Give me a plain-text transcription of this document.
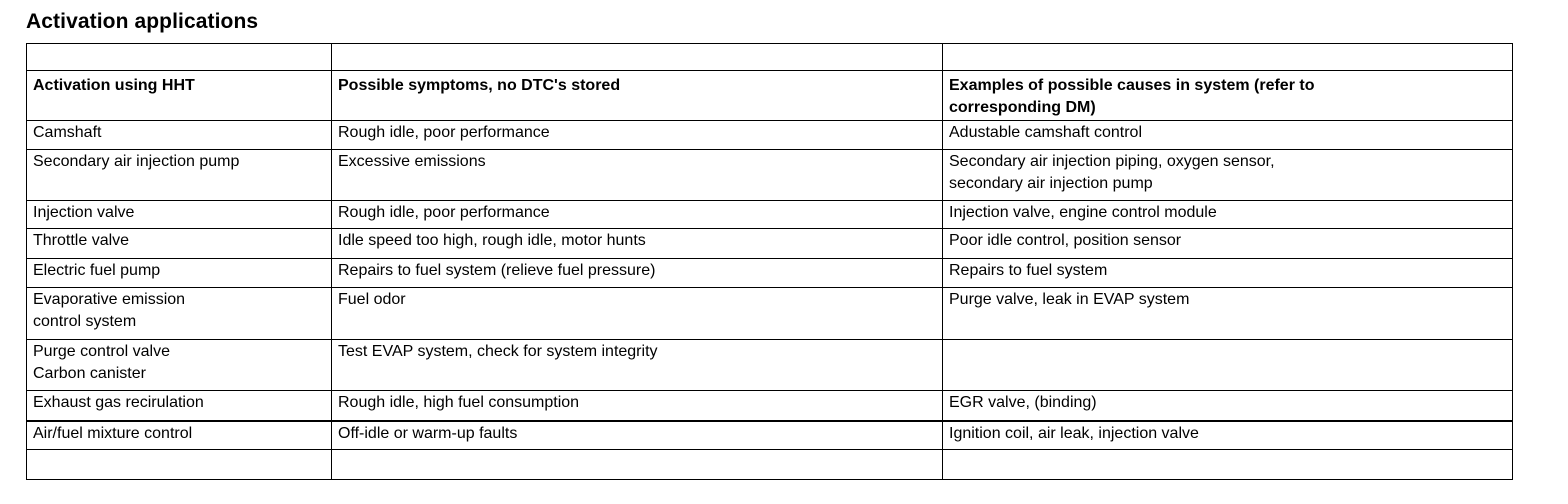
Activation applications

Activation using HHT	Possible symptoms, no DTC's stored	Examples of possible causes in system (refer to
corresponding DM)
Camshaft	Rough idle, poor performance	Adustable camshaft control
Secondary air injection pump	Excessive emissions	Secondary air injection piping, oxygen sensor,
secondary air injection pump
Injection valve	Rough idle, poor performance	Injection valve, engine control module
Throttle valve	Idle speed too high, rough idle, motor hunts	Poor idle control, position sensor
Electric fuel pump	Repairs to fuel system (relieve fuel pressure)	Repairs to fuel system
Evaporative emission
control system	Fuel odor	Purge valve, leak in EVAP system
Purge control valve
Carbon canister	Test EVAP system, check for system integrity	
Exhaust gas recirulation	Rough idle, high fuel consumption	EGR valve, (binding)
Air/fuel mixture control	Off-idle or warm-up faults	Ignition coil, air leak, injection valve
